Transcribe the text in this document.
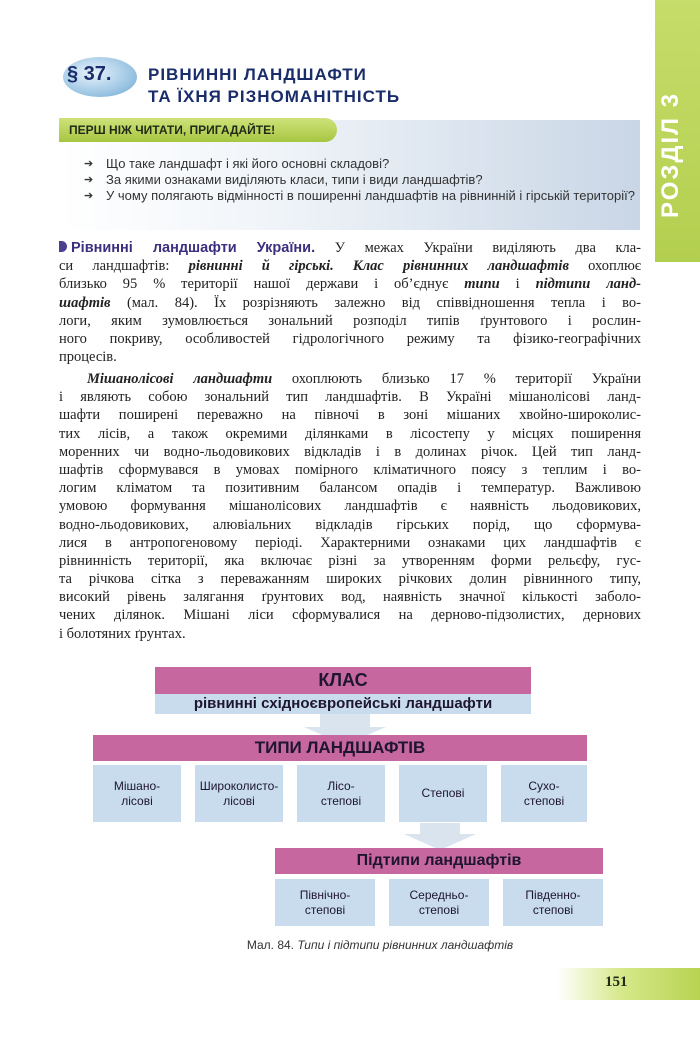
РОЗДІЛ 3
§ 37. РІВНИННІ ЛАНДШАФТИ
ТА ЇХНЯ РІЗНОМАНІТНІСТЬ
ПЕРШ НІЖ ЧИТАТИ, ПРИГАДАЙТЕ!
➔ Що таке ландшафт і які його основні складові?
➔ За якими ознаками виділяють класи, типи і види ландшафтів?
➔ У чому полягають відмінності в поширенні ландшафтів на рівнинній і гірській території?
Рівнинні ландшафти України. У межах України виділяють два кла-
си ландшафтів: рівнинні й гірські. Клас рівнинних ландшафтів охоплює
близько 95 % території нашої держави і об’єднує типи і підтипи ланд-
шафтів (мал. 84). Їх розрізняють залежно від співвідношення тепла і во-
логи, яким зумовлюється зональний розподіл типів ґрунтового і рослин-
ного покриву, особливостей гідрологічного режиму та фізико-географічних
процесів.
Мішанолісові ландшафти охоплюють близько 17 % території України
і являють собою зональний тип ландшафтів. В Україні мішанолісові ланд-
шафти поширені переважно на півночі в зоні мішаних хвойно-широколис-
тих лісів, а також окремими ділянками в лісостепу у місцях поширення
моренних чи водно-льодовикових відкладів і в долинах річок. Цей тип ланд-
шафтів сформувався в умовах помірного кліматичного поясу з теплим і во-
логим кліматом та позитивним балансом опадів і температур. Важливою
умовою формування мішанолісових ландшафтів є наявність льодовикових,
водно-льодовикових, алювіальних відкладів гірських порід, що сформува-
лися в антропогеновому періоді. Характерними ознаками цих ландшафтів є
рівнинність території, яка включає різні за утворенням форми рельєфу, гус-
та річкова сітка з переважанням широких річкових долин рівнинного типу,
високий рівень залягання ґрунтових вод, наявність значної кількості заболо-
чених ділянок. Мішані ліси сформувалися на дерново-підзолистих, дернових
і болотяних ґрунтах.
КЛАС
рівнинні східноєвропейські ландшафти
ТИПИ ЛАНДШАФТІВ
Мішано-
лісові
Широколисто-
лісові
Лісо-
степові
Степові
Сухо-
степові
Підтипи ландшафтів
Північно-
степові
Середньо-
степові
Південно-
степові
Мал. 84. Типи і підтипи рівнинних ландшафтів
151
